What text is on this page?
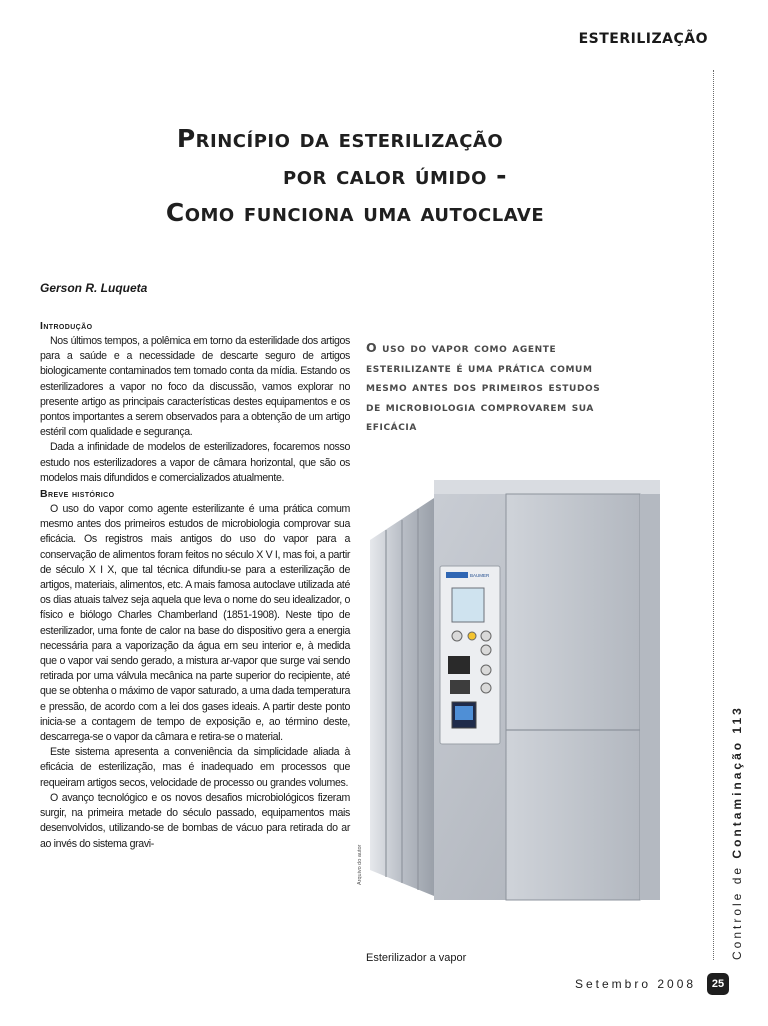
ESTERILIZAÇÃO
Controle de Contaminação 113
Princípio da esterilização
por calor úmido -
Como funciona uma autoclave
Gerson R. Luqueta
Introdução

Nos últimos tempos, a polêmica em torno da esterilidade dos artigos para a saúde e a necessidade de descarte seguro de artigos biologicamente contaminados tem tomado conta da mídia. Estando os esterilizadores a vapor no foco da discussão, vamos explorar no presente artigo as principais características destes equipamentos e os pontos importantes a serem observados para a obtenção de um artigo estéril com qualidade e segurança.

Dada a infinidade de modelos de esterilizadores, focaremos nosso estudo nos esterilizadores a vapor de câmara horizontal, que são os modelos mais difundidos e comercializados atualmente.

Breve histórico

O uso do vapor como agente esterilizante é uma prática comum mesmo antes dos primeiros estudos de microbiologia comprovar sua eficácia. Os registros mais antigos do uso do vapor para a conservação de alimentos foram feitos no século X V I, mas foi, a partir de século X I X, que tal técnica difundiu-se para a esterilização de artigos, materiais, alimentos, etc. A mais famosa autoclave utilizada até os dias atuais talvez seja aquela que leva o nome do seu idealizador, o físico e biólogo Charles Chamberland (1851-1908). Neste tipo de esterilizador, uma fonte de calor na base do dispositivo gera a energia necessária para a vaporização da água em seu interior e, à medida que o vapor vai sendo gerado, a mistura ar-vapor que surge vai sendo retirada por uma válvula mecânica na parte superior do recipiente, até que se obtenha o máximo de vapor saturado, a uma dada temperatura e pressão, de acordo com a lei dos gases ideais. A partir deste ponto inicia-se a contagem de tempo de exposição e, ao término deste, descarrega-se o vapor da câmara e retira-se o material.

Este sistema apresenta a conveniência da simplicidade aliada à eficácia de esterilização, mas é inadequado em processos que requeiram artigos secos, velocidade de processo ou grandes volumes.

O avanço tecnológico e os novos desafios microbiológicos fizeram surgir, na primeira metade do século passado, equipamentos mais desenvolvidos, utilizando-se de bombas de vácuo para retirada do ar ao invés do sistema gravi-

O uso do vapor como agente esterilizante é uma prática comum mesmo antes dos primeiros estudos de microbiologia comprovarem sua eficácia
BAUMER
Arquivo do autor
Esterilizador a vapor
Setembro 2008	25
